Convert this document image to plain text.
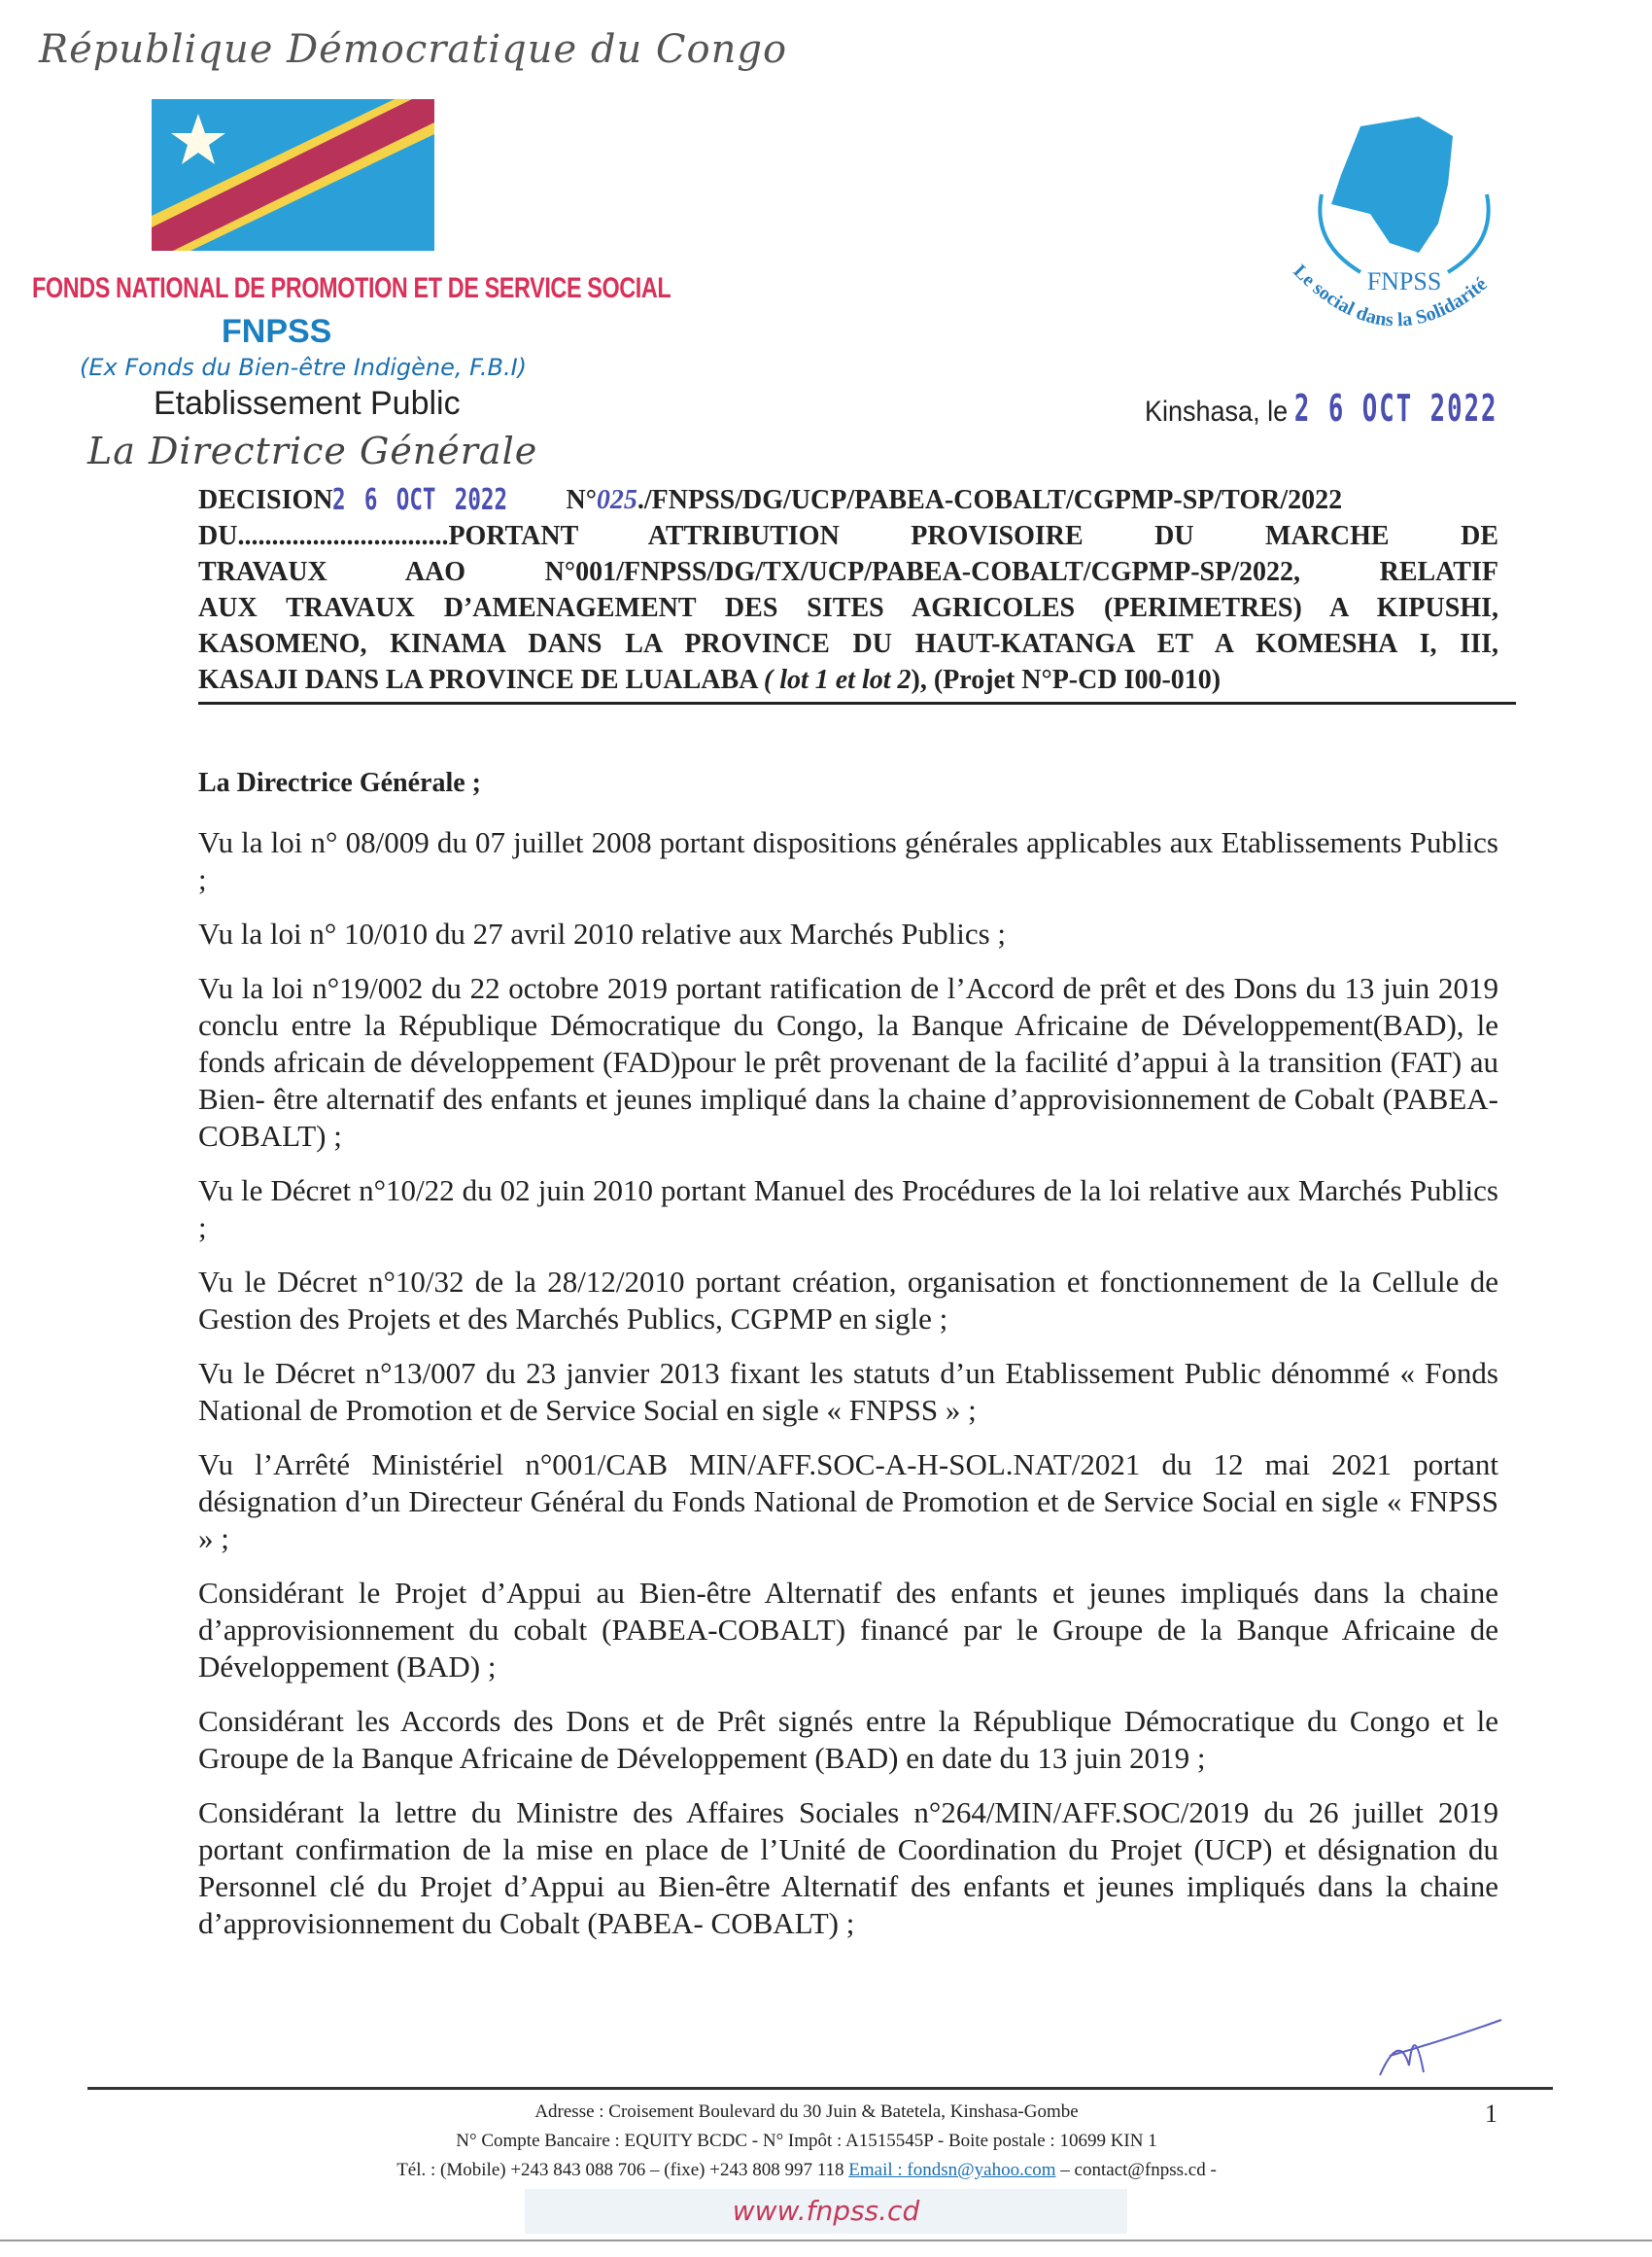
République Démocratique du Congo
FONDS NATIONAL DE PROMOTION ET DE SERVICE SOCIAL
FNPSS
(Ex Fonds du Bien-être Indigène, F.B.I)
Etablissement Public
La Directrice Générale
FNPSS
Le social dans la Solidarité
Kinshasa, le 2 6 OCT 2022
DECISION2 6 OCT 2022 N°025./FNPSS/DG/UCP/PABEA-COBALT/CGPMP-SP/TOR/2022
DU...............................PORTANT ATTRIBUTION PROVISOIRE DU MARCHE DE
TRAVAUX AAO N°001/FNPSS/DG/TX/UCP/PABEA-COBALT/CGPMP-SP/2022, RELATIF
AUX TRAVAUX D’AMENAGEMENT DES SITES AGRICOLES (PERIMETRES) A KIPUSHI,
KASOMENO, KINAMA DANS LA PROVINCE DU HAUT-KATANGA ET A KOMESHA I, III,
KASAJI DANS LA PROVINCE DE LUALABA ( lot 1 et lot 2), (Projet N°P-CD I00-010)
La Directrice Générale ;

Vu la loi n° 08/009 du 07 juillet 2008 portant dispositions générales applicables aux Etablissements Publics ;

Vu la loi n° 10/010 du 27 avril 2010 relative aux Marchés Publics ;

Vu la loi n°19/002 du 22 octobre 2019 portant ratification de l’Accord de prêt et des Dons du 13 juin 2019 conclu entre la République Démocratique du Congo, la Banque Africaine de Développement(BAD), le fonds africain de développement (FAD)pour le prêt provenant de la facilité d’appui à la transition (FAT) au Bien- être alternatif des enfants et jeunes impliqué dans la chaine d’approvisionnement de Cobalt (PABEA-COBALT) ;

Vu le Décret n°10/22 du 02 juin 2010 portant Manuel des Procédures de la loi relative aux Marchés Publics ;

Vu le Décret n°10/32 de la 28/12/2010 portant création, organisation et fonctionnement de la Cellule de Gestion des Projets et des Marchés Publics, CGPMP en sigle ;

Vu le Décret n°13/007 du 23 janvier 2013 fixant les statuts d’un Etablissement Public dénommé « Fonds National de Promotion et de Service Social en sigle « FNPSS » ;

Vu l’Arrêté Ministériel n°001/CAB MIN/AFF.SOC-A-H-SOL.NAT/2021 du 12 mai 2021 portant désignation d’un Directeur Général du Fonds National de Promotion et de Service Social en sigle « FNPSS » ;

Considérant le Projet d’Appui au Bien-être Alternatif des enfants et jeunes impliqués dans la chaine d’approvisionnement du cobalt (PABEA-COBALT) financé par le Groupe de la Banque Africaine de Développement (BAD) ;

Considérant les Accords des Dons et de Prêt signés entre la République Démocratique du Congo et le Groupe de la Banque Africaine de Développement (BAD) en date du 13 juin 2019 ;

Considérant la lettre du Ministre des Affaires Sociales n°264/MIN/AFF.SOC/2019 du 26 juillet 2019 portant confirmation de la mise en place de l’Unité de Coordination du Projet (UCP) et désignation du Personnel clé du Projet d’Appui au Bien-être Alternatif des enfants et jeunes impliqués dans la chaine d’approvisionnement du Cobalt (PABEA- COBALT) ;

Adresse : Croisement Boulevard du 30 Juin & Batetela, Kinshasa-Gombe
N° Compte Bancaire : EQUITY BCDC - N° Impôt : A1515545P - Boite postale : 10699 KIN 1
Tél. : (Mobile) +243 843 088 706 – (fixe) +243 808 997 118 Email : fondsn@yahoo.com – contact@fnpss.cd -
1
www.fnpss.cd
